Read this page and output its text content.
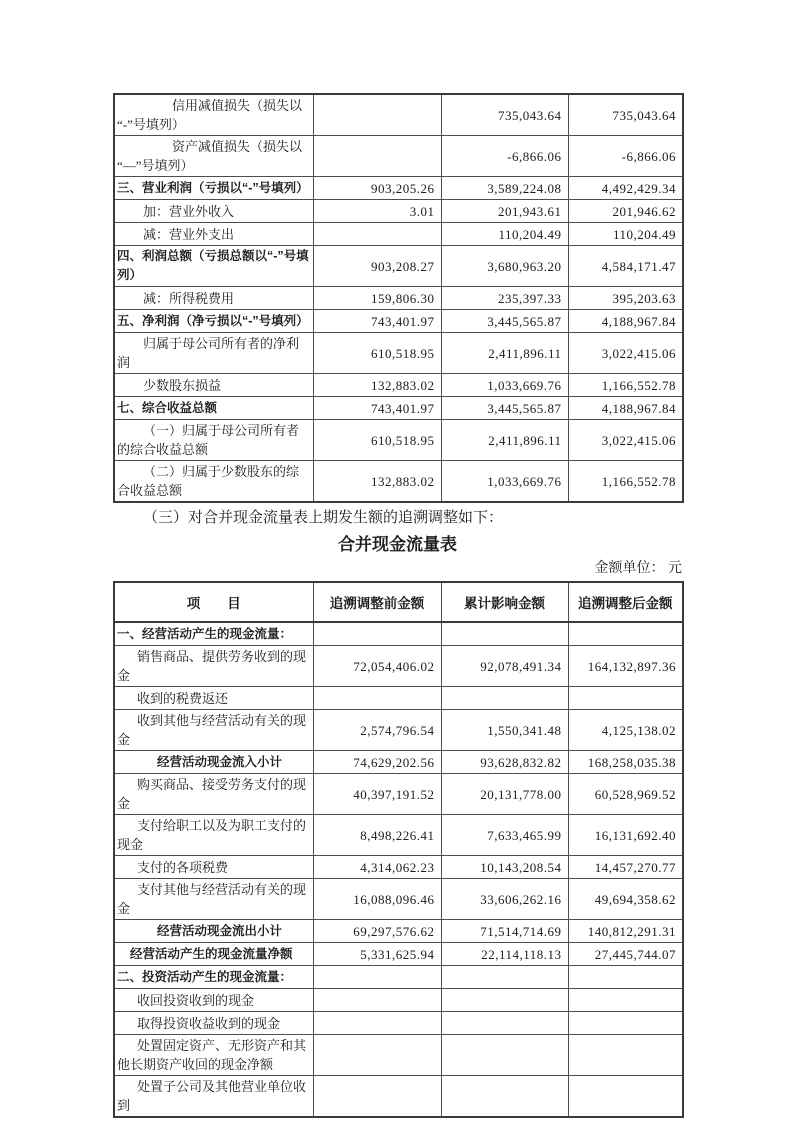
信用减值损失（损失以“-”号填列）		735,043.64	735,043.64
资产减值损失（损失以“—”号填列）		-6,866.06	-6,866.06
三、营业利润（亏损以“-”号填列）	903,205.26	3,589,224.08	4,492,429.34
加：营业外收入	3.01	201,943.61	201,946.62
减：营业外支出		110,204.49	110,204.49
四、利润总额（亏损总额以“-”号填列）	903,208.27	3,680,963.20	4,584,171.47
减：所得税费用	159,806.30	235,397.33	395,203.63
五、净利润（净亏损以“-”号填列）	743,401.97	3,445,565.87	4,188,967.84
归属于母公司所有者的净利润	610,518.95	2,411,896.11	3,022,415.06
少数股东损益	132,883.02	1,033,669.76	1,166,552.78
七、综合收益总额	743,401.97	3,445,565.87	4,188,967.84
（一）归属于母公司所有者的综合收益总额	610,518.95	2,411,896.11	3,022,415.06
（二）归属于少数股东的综合收益总额	132,883.02	1,033,669.76	1,166,552.78

（三）对合并现金流量表上期发生额的追溯调整如下：

合并现金流量表
金额单位： 元
项　　目	追溯调整前金额	累计影响金额	追溯调整后金额
一、经营活动产生的现金流量：			
销售商品、提供劳务收到的现金	72,054,406.02	92,078,491.34	164,132,897.36
收到的税费返还			
收到其他与经营活动有关的现金	2,574,796.54	1,550,341.48	4,125,138.02
经营活动现金流入小计	74,629,202.56	93,628,832.82	168,258,035.38
购买商品、接受劳务支付的现金	40,397,191.52	20,131,778.00	60,528,969.52
支付给职工以及为职工支付的现金	8,498,226.41	7,633,465.99	16,131,692.40
支付的各项税费	4,314,062.23	10,143,208.54	14,457,270.77
支付其他与经营活动有关的现金	16,088,096.46	33,606,262.16	49,694,358.62
经营活动现金流出小计	69,297,576.62	71,514,714.69	140,812,291.31
经营活动产生的现金流量净额	5,331,625.94	22,114,118.13	27,445,744.07
二、投资活动产生的现金流量：			
收回投资收到的现金			
取得投资收益收到的现金			
处置固定资产、无形资产和其他长期资产收回的现金净额			
处置子公司及其他营业单位收到			
